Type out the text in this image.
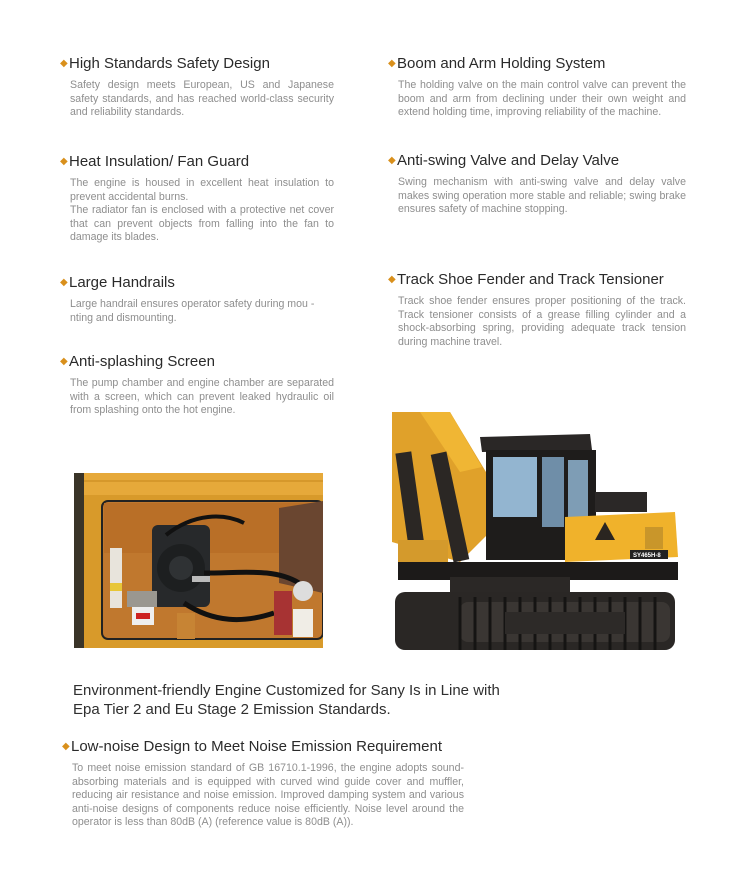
◆High Standards Safety Design

Safety design meets European, US and Japanese safety standards, and has reached world-class security and reliability standards.

◆Heat Insulation/ Fan Guard

The engine is housed in excellent heat insulation to prevent accidental burns.

The radiator fan is enclosed with a protective net cover that can prevent objects from falling into the fan to damage its blades.

◆Large Handrails

Large handrail ensures operator safety during mou -nting and dismounting.

◆Anti-splashing Screen

The pump chamber and engine chamber are separated with a screen, which can prevent leaked hydraulic oil from splashing onto the hot engine.

◆Boom and Arm Holding System

The holding valve on the main control valve can prevent the boom and arm from declining under their own weight and extend holding time, improving reliability of the machine.

◆Anti-swing Valve and Delay Valve

Swing mechanism with anti-swing valve and delay valve makes swing operation more stable and reliable; swing brake ensures safety of machine stopping.

◆Track Shoe Fender and Track Tensioner

Track shoe fender ensures proper positioning of the track. Track tensioner consists of a grease filling cylinder and a shock-absorbing spring, providing adequate track tension during machine travel.

SY465H-8
Environment-friendly Engine Customized for Sany Is in Line with Epa Tier 2 and Eu Stage 2 Emission Standards.
◆Low-noise Design to Meet Noise Emission Requirement

To meet noise emission standard of GB 16710.1-1996, the engine adopts sound-absorbing materials and is equipped with curved wind guide cover and muffler, reducing air resistance and noise emission. Improved damping system and various anti-noise designs of components reduce noise efficiently. Noise level around the operator is less than 80dB (A) (reference value is 80dB (A)).
